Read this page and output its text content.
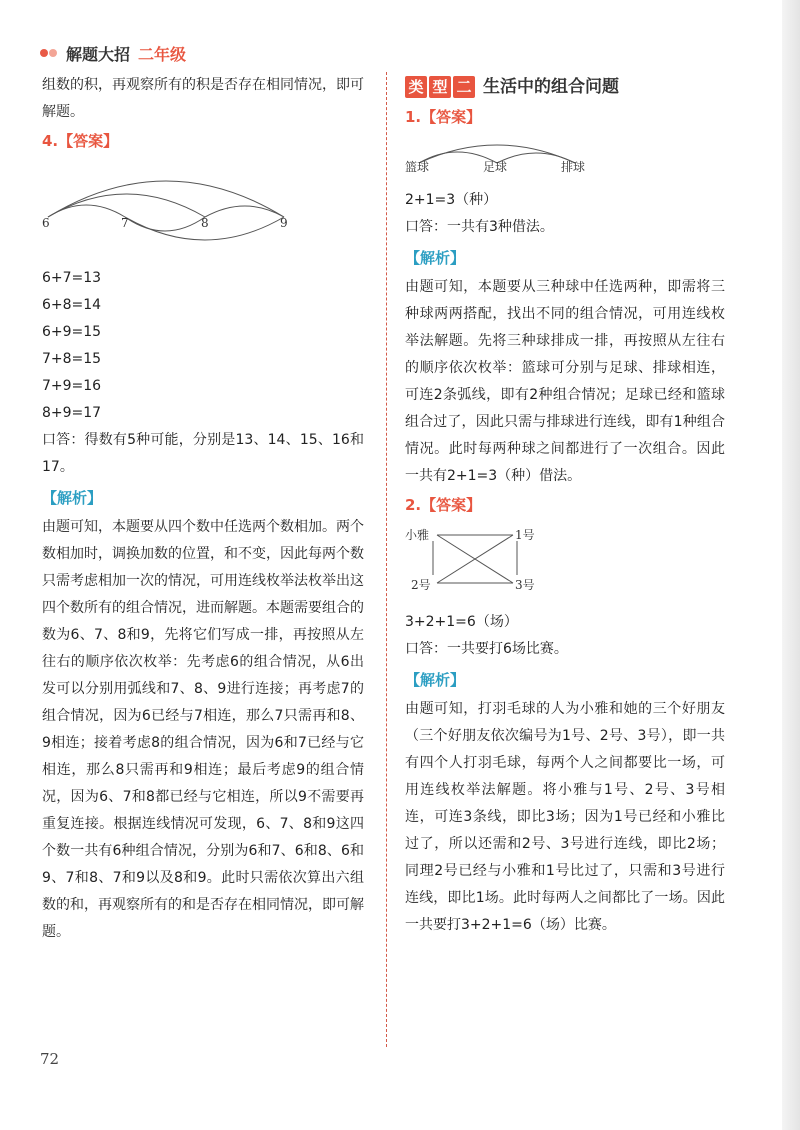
解题大招 二年级

组数的积，再观察所有的积是否存在相同情况，即可解题。

4.【答案】
6	7	8	9

6+7=13

6+8=14

6+9=15

7+8=15

7+9=16

8+9=17

口答：得数有5种可能，分别是13、14、15、16和17。

【解析】

由题可知，本题要从四个数中任选两个数相加。两个数相加时，调换加数的位置，和不变，因此每两个数只需考虑相加一次的情况，可用连线枚举法枚举出这四个数所有的组合情况，进而解题。本题需要组合的数为6、7、8和9，先将它们写成一排，再按照从左往右的顺序依次枚举：先考虑6的组合情况，从6出发可以分别用弧线和7、8、9进行连接；再考虑7的组合情况，因为6已经与7相连，那么7只需再和8、9相连；接着考虑8的组合情况，因为6和7已经与它相连，那么8只需再和9相连；最后考虑9的组合情况，因为6、7和8都已经与它相连，所以9不需要再重复连接。根据连线情况可发现，6、7、8和9这四个数一共有6种组合情况，分别为6和7、6和8、6和9、7和8、7和9以及8和9。此时只需依次算出六组数的和，再观察所有的和是否存在相同情况，即可解题。

类 型 二 生活中的组合问题
1.【答案】
篮球	足球	排球

2+1=3（种）

口答：一共有3种借法。

【解析】

由题可知，本题要从三种球中任选两种，即需将三种球两两搭配，找出不同的组合情况，可用连线枚举法解题。先将三种球排成一排，再按照从左往右的顺序依次枚举：篮球可分别与足球、排球相连，可连2条弧线，即有2种组合情况；足球已经和篮球组合过了，因此只需与排球进行连线，即有1种组合情况。此时每两种球之间都进行了一次组合。因此一共有2+1=3（种）借法。

2.【答案】
小雅	1号
2号	3号

3+2+1=6（场）

口答：一共要打6场比赛。

【解析】

由题可知，打羽毛球的人为小雅和她的三个好朋友（三个好朋友依次编号为1号、2号、3号），即一共有四个人打羽毛球，每两个人之间都要比一场，可用连线枚举法解题。将小雅与1号、2号、3号相连，可连3条线，即比3场；因为1号已经和小雅比过了，所以还需和2号、3号进行连线，即比2场；同理2号已经与小雅和1号比过了，只需和3号进行连线，即比1场。此时每两人之间都比了一场。因此一共要打3+2+1=6（场）比赛。

72
